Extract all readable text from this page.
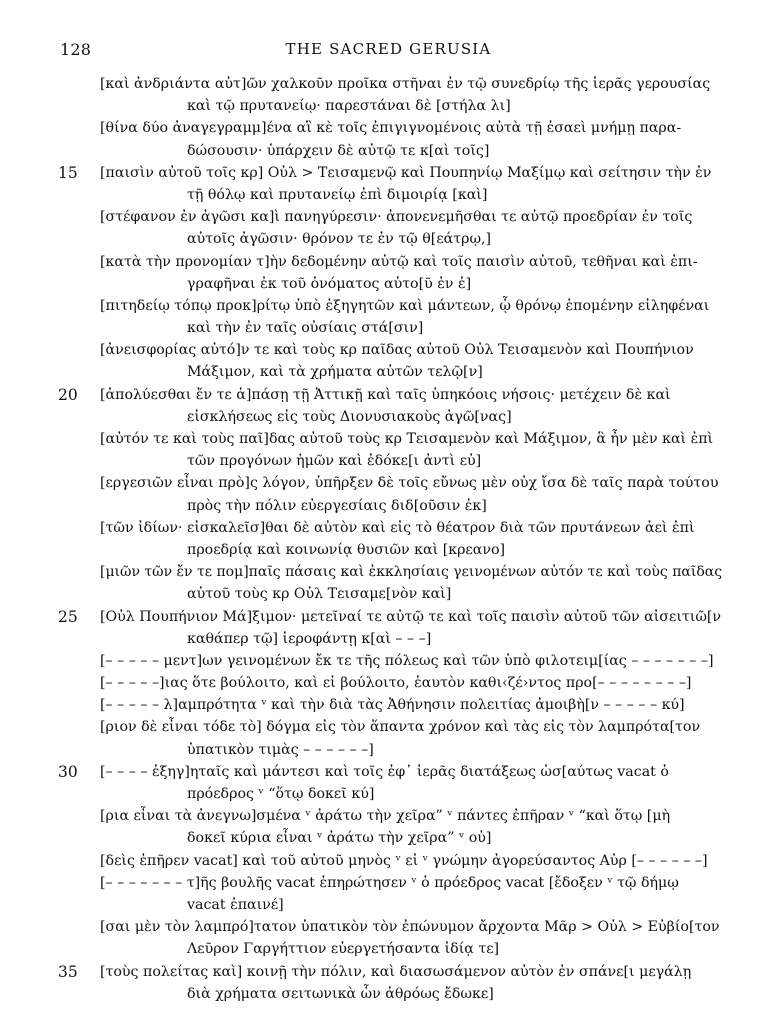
128	THE SACRED GERUSIA
[καὶ ἀνδριάντα αὐτ]ῶν χαλκοῦν προῖκα στῆναι ἐν τῷ συνεδρίῳ τῆς ἱερᾶς γερουσίας
καὶ τῷ πρυτανείῳ· παρεστάναι δὲ [στήλα λι]
[θίνα δύο ἀναγεγραμμ]ένα αἳ κὲ τοῖς ἐπιγιγνομένοις αὐτὰ τῇ ἐσαεὶ μνήμῃ παρα-
δώσουσιν· ὑπάρχειν δὲ αὐτῷ τε κ[αὶ τοῖς]
15 [παισὶν αὐτοῦ τοῖς κρ] Οὐλ > Τεισαμενῷ καὶ Πουπηνίῳ Μαξίμῳ καὶ σείτησιν τὴν ἐν
τῇ θόλῳ καὶ πρυτανείῳ ἐπὶ διμοιρίᾳ [καὶ]
[στέφανον ἐν ἀγῶσι κα]ὶ πανηγύρεσιν· ἀπονενεμῆσθαι τε αὐτῷ προεδρίαν ἐν τοῖς
αὐτοῖς ἀγῶσιν· θρόνον τε ἐν τῷ θ[εάτρῳ,]
[κατὰ τὴν προνομίαν τ]ὴν δεδομένην αὐτῷ καὶ τοῖς παισὶν αὐτοῦ, τεθῆναι καὶ ἐπι-
γραφῆναι ἐκ τοῦ ὀνόματος αὐτο[ῦ ἐν ἐ]
[πιτηδείῳ τόπῳ προκ]ρίτῳ ὑπὸ ἐξηγητῶν καὶ μάντεων, ᾧ θρόνῳ ἑπομένην εἰληφέναι
καὶ τὴν ἐν ταῖς οὐσίαις στά[σιν]
[ἀνεισφορίας αὐτό]ν τε καὶ τοὺς κρ παῖδας αὐτοῦ Οὐλ Τεισαμενὸν καὶ Πουπήνιον
Μάξιμον, καὶ τὰ χρήματα αὐτῶν τελῷ[ν]
20 [ἀπολύεσθαι ἔν τε ἁ]πάσῃ τῇ Ἀττικῇ καὶ ταῖς ὑπηκόοις νήσοις· μετέχειν δὲ καὶ
εἰσκλήσεως εἰς τοὺς Διονυσιακοὺς ἀγῶ[νας]
[αὐτόν τε καὶ τοὺς παῖ]δας αὐτοῦ τοὺς κρ Τεισαμενὸν καὶ Μάξιμον, ἃ ἦν μὲν καὶ ἐπὶ
τῶν προγόνων ἡμῶν καὶ ἐδόκε[ι ἀντὶ εὐ]
[εργεσιῶν εἶναι πρὸ]ς λόγον, ὑπῆρξεν δὲ τοῖς εὔνως μὲν οὐχ ἴσα δὲ ταῖς παρὰ τούτου
πρὸς τὴν πόλιν εὐεργεσίαις διδ[οῦσιν ἐκ]
[τῶν ἰδίων· εἰσκαλεῖσ]θαι δὲ αὐτὸν καὶ εἰς τὸ θέατρον διὰ τῶν πρυτάνεων ἀεὶ ἐπὶ
προεδρίᾳ καὶ κοινωνίᾳ θυσιῶν καὶ [κρεανο]
[μιῶν τῶν ἔν τε πομ]παῖς πάσαις καὶ ἐκκλησίαις γεινομένων αὐτόν τε καὶ τοὺς παῖδας
αὐτοῦ τοὺς κρ Οὐλ Τεισαμε[νὸν καὶ]
25 [Οὐλ Πουπήνιον Μά]ξιμον· μετεῖναί τε αὐτῷ τε καὶ τοῖς παισὶν αὐτοῦ τῶν αἰσειτιῶ[ν
καθάπερ τῷ] ἱεροφάντῃ κ[αὶ – – –]
[– – – – – μεντ]ων γεινομένων ἔκ τε τῆς πόλεως καὶ τῶν ὑπὸ φιλοτειμ[ίας – – – – – – –]
[– – – – –]ιας ὅτε βούλοιτο, καὶ εἰ βούλοιτο, ἑαυτὸν καθι‹ζέ›ντος προ[– – – – – – – –]
[– – – – – λ]αμπρότητα ᵛ καὶ τὴν διὰ τὰς Ἀθήνησιν πολειτίας ἀμοιβὴ[ν – – – – – κύ]
[ριον δὲ εἶναι τόδε τὸ] δόγμα εἰς τὸν ἅπαντα χρόνον καὶ τὰς εἰς τὸν λαμπρότα[τον
ὑπατικὸν τιμὰς – – – – – –]
30 [– – – – ἐξηγ]ηταῖς καὶ μάντεσι καὶ τοῖς ἐφ᾽ ἱερᾶς διατάξεως ὡσ[αύτως vacat ὁ
πρόεδρος ᵛ “ὅτῳ δοκεῖ κύ]
[ρια εἶναι τὰ ἀνεγνω]σμένα ᵛ ἀράτω τὴν χεῖρα” ᵛ πάντες ἐπῆραν ᵛ “καὶ ὅτῳ [μὴ
δοκεῖ κύρια εἶναι ᵛ ἀράτω τὴν χεῖρα” ᵛ οὐ]
[δεὶς ἐπῆρεν vacat] καὶ τοῦ αὐτοῦ μηνὸς ᵛ εἰ ᵛ γνώμην ἀγορεύσαντος Αὐρ [– – – – – –]
[– – – – – – – τ]ῆς βουλῆς vacat ἐπηρώτησεν ᵛ ὁ πρόεδρος vacat [ἔδοξεν ᵛ τῷ δήμῳ
vacat ἐπαινέ]
[σαι μὲν τὸν λαμπρό]τατον ὑπατικὸν τὸν ἐπώνυμον ἄρχοντα Μᾶρ > Οὐλ > Εὐβίο[τον
Λεῦρον Γαργήττιον εὐεργετήσαντα ἰδίᾳ τε]
35 [τοὺς πολείτας καὶ] κοινῇ τὴν πόλιν, καὶ διασωσάμενον αὐτὸν ἐν σπάνε[ι μεγάλῃ
διὰ χρήματα σειτωνικὰ ὧν ἀθρόως ἔδωκε]
